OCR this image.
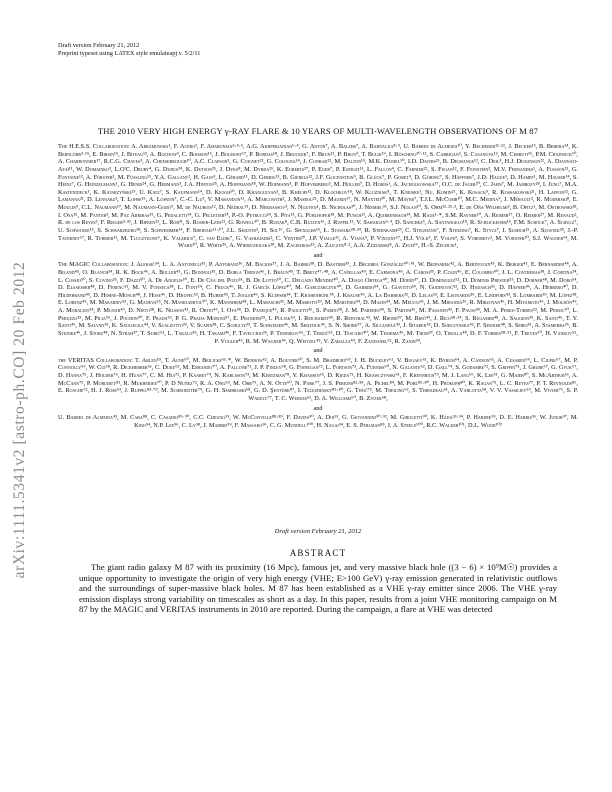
arXiv:1111.5341v2 [astro-ph.CO] 20 Feb 2012
Draft version February 21, 2012
Preprint typeset using LATEX style emulateapj v. 5/2/11
THE 2010 VERY HIGH ENERGY γ-RAY FLARE & 10 YEARS OF MULTI-WAVELENGTH OBSERVATIONS OF M 87

The H.E.S.S. Collaboration: A. Abramowski¹, F. Acero², F. Aharonian³·⁴·⁵, A.G. Akhperjanian⁶·⁴, G. Anton⁷, A. Balzer⁷, A. Barnacka⁸·⁹, U. Barres de Almeida¹⁰, Y. Becherini¹¹·¹², J. Becker¹³, B. Behera¹⁴, K. Bernlöhr³·¹⁵, E. Birsin¹⁵, J. Biteau¹², A. Bochow³, C. Boisson¹⁶, J. Bolmont¹⁷, P. Bordas¹⁸, J. Brucker⁷, F. Brun¹², P. Brun⁹, T. Bulik¹⁹, I. Büsching²⁰·¹³, S. Carrigan³, S. Casanova¹³, M. Cerruti¹⁶, P.M. Chadwick¹⁰, A. Charbonnier¹⁷, R.C.G. Chaves³, A. Cheesebrough¹⁰, A.C. Clapson³, G. Coignet²¹, G. Cologna¹⁴, J. Conrad²², M. Dalton¹⁵, M.K. Daniel¹⁰, I.D. Davids²³, B. Degrange¹², C. Deil³, H.J. Dickinson²², A. Djannati-Ataï¹¹, W. Domainko³, L.O'C. Drury⁴, G. Dubus²⁴, K. Dutson²⁵, J. Dyks⁸, M. Dyrda²⁶, K. Egberts²⁷, P. Eger⁷, P. Espigat¹¹, L. Fallon⁴, C. Farnier²², S. Fegan¹², F. Feinstein², M.V. Fernandes¹, A. Fiasson²¹, G. Fontaine¹², A. Förster³, M. Füßling¹⁵, Y.A. Gallant², H. Gast³, L. Gérard¹¹, D. Gerbig¹³, B. Giebels¹², J.F. Glicenstein⁹, B. Glück⁷, P. Goret⁹, D. Göring⁷, S. Häffner⁷, J.D. Hague³, D. Hampf¹, M. Hauser¹⁴, S. Heinz⁷, G. Heinzelmann¹, G. Henri²⁴, G. Hermann³, J.A. Hinton²⁵, A. Hoffmann¹⁸, W. Hofmann³, P. Hofverberg³, M. Holler⁷, D. Horns¹, A. Jacholkowska¹⁷, O.C. de Jager²⁰, C. Jahn⁷, M. Jamrozy²⁸, I. Jung⁷, M.A. Kastendieck¹, K. Katarzyński²⁹, U. Katz⁷, S. Kaufmann¹⁴, D. Keogh¹⁰, D. Khangulyan³, B. Khélifi¹², D. Klochkov¹⁸, W. Kluźniak⁸, T. Kneiske¹, Nu. Komin²¹, K. Kosack⁹, R. Kossakowski²¹, H. Laffon¹², G. Lamanna²¹, D. Lennarz³, T. Lohse¹⁵, A. Lopatin⁷, C.-C. Lu³, V. Marandon¹¹, A. Marcowith², J. Masbou²¹, D. Maurin¹⁷, N. Maxted³⁰, M. Mayer⁷, T.J.L. McComb¹⁰, M.C. Medina⁹, J. Méhault², R. Moderski⁸, E. Moulin⁹, C.L. Naumann¹⁷, M. Naumann-Godó⁹, M. de Naurois¹², D. Nedbal³¹, D. Nekrassov³, N. Nguyen¹, B. Nicholas³⁰, J. Niemiec²⁶, S.J. Nolan¹⁰, S. Ohm³²·²⁵·³, E. de Oña Wilhelmi³, B. Opitz¹, M. Ostrowski²⁸, I. Oya¹⁵, M. Panter³, M. Paz Arribas¹⁵, G. Pedaletti¹⁴, G. Pelletier²⁴, P.-O. Petrucci²⁴, S. Pita¹¹, G. Pühlhofer¹⁸, M. Punch¹¹, A. Quirrenbach¹⁴, M. Raue¹·*, S.M. Rayner¹⁰, A. Reimer²⁷, O. Reimer²⁷, M. Renaud², R. de los Reyes³, F. Rieger³·³³, J. Ripken²², L. Rob³¹, S. Rosier-Lees²¹, G. Rowell³⁰, B. Rudak⁸, C.B. Rulten¹⁶, J. Ruppel¹³, V. Sahakian⁶·⁴, D. Sanchez³, A. Santangelo¹⁸, R. Schlickeiser¹³, F.M. Schöck⁷, A. Schulz⁷, U. Schwanke¹⁵, S. Schwarzburg¹⁸, S. Schwemmer¹⁴, F. Sheidaei¹¹·²⁰, J.L. Skilton³, H. Sol¹⁶, G. Spengler¹⁵, Ł. Stawarz²⁸·³⁴, R. Steenkamp²³, C. Stegmann⁷, F. Stinzing⁷, K. Stycz⁷, I. Sushch¹⁵, A. Szostek²⁸, J.-P. Tavernet¹⁷, R. Terrier¹¹, M. Tluczykont¹, K. Valerius⁷, C. van Eldik⁷, G. Vasileiadis², C. Venter²⁰, J.P. Vialle²¹, A. Viana⁹, P. Vincent¹⁷, H.J. Völk³, F. Volpe³, S. Vorobiov², M. Vorster²⁰, S.J. Wagner¹⁴, M. Ward¹⁰, R. White²⁵, A. Wierzcholska²⁸, M. Zacharias¹³, A. Zajczyk⁸·², A.A. Zdziarski⁸, A. Zech¹⁶, H.-S. Zechlin¹,

and

The MAGIC Collaboration: J. Aleksić³⁴, L. A. Antonelli³⁵, P. Antoranz³⁶, M. Backes³⁷, J. A. Barrio³⁸, D. Bastieri³⁹, J. Becerra González⁴⁰·⁴¹, W. Bednarek⁴², A. Berdyugin⁴³, K. Berger⁴¹, E. Bernardini⁴⁴, A. Biland⁴⁵, O. Blanch³⁴, R. K. Bock⁴⁶, A. Boller⁴⁵, G. Bonnoli³⁵, D. Borla Tridon⁴⁶, I. Braun⁴⁵, T. Bretz⁴⁷·⁴⁸, A. Cañellas⁴⁹, E. Carmona⁴⁶, A. Carosi³⁵, P. Colin⁴⁶, E. Colombo⁴⁰, J. L. Contreras³⁸, J. Cortina³⁴, L. Cossio⁵⁰, S. Covino³⁵, F. Dazzi⁵⁰, A. De Angelis⁵⁰, E. De Cea del Pozo⁵¹, B. De Lotto⁵⁰, C. Delgado Mendez⁴⁰, A. Diago Ortega⁴⁰, M. Doert³⁷, D. Dominguez⁵², D. Dominis Prester⁵³, D. Dorner⁴⁸, M. Doro⁵⁴, D. Elsaesser⁴⁸, D. Ferenc⁵³, M. V. Fonseca³⁸, L. Font⁵⁴, C. Fruck⁴⁶, R. J. García López⁴⁰, M. Garczarczyk⁴⁰, D. Garrido⁵⁴, G. Giavitto³⁴, N. Godinović⁵³, D. Hadasch⁵¹, D. Häfner⁴⁶, A. Herrero⁴⁰, D. Hildebrand⁴⁵, D. Höhne-Mönch⁴⁸, J. Hose⁴⁶, D. Hrupec⁵³, B. Huber⁴⁵, T. Jogler⁴⁶, S. Klepser³⁴, T. Krähenbühl⁴⁵, J. Krause⁴⁶, A. La Barbera³⁵, D. Lelas⁵³, E. Leonardo³⁶, E. Lindfors⁴³, S. Lombardi³⁹, M. López³⁸, E. Lorenz⁴⁵, M. Makariev⁵⁵, G. Maneva⁵⁵, N. Mankuzhiyil⁵⁰, K. Mannheim⁴⁸, L. Maraschi³⁵, M. Mariotti³⁹, M. Martínez³⁴, D. Mazin³⁴, M. Meucci³⁶, J. M. Miranda³⁶, R. Mirzoyan⁴⁶, H. Miyamoto⁴⁶, J. Moldón⁴⁹, A. Moralejo³⁴, P. Munar⁴⁹, D. Nieto³⁸, K. Nilsson⁴³, R. Orito⁴⁶, I. Oya³⁸, D. Paneque⁴⁶, R. Paoletti³⁶, S. Pardo³⁸, J. M. Paredes⁴⁹, S. Partini³⁶, M. Pasanen⁴³, F. Pauss⁴⁵, M. A. Perez-Torres⁵², M. Persic⁵⁰, L. Peruzzo³⁹, M. Pilia⁵⁶, J. Pochon⁴⁰, F. Prada⁵², P. G. Prada Moroni⁵⁷, E. Prandini³⁹, I. Puljak⁵³, I. Reichardt³⁴, R. Reinthal⁴³, W. Rhode³⁷, M. Ribó⁴⁹, J. Rico⁵⁸·³⁴, S. Rügamer⁴⁸, A. Saggion³⁹, K. Saito⁴⁶, T. Y. Saito⁴⁶, M. Salvati³⁵, K. Satalecka⁴⁴, V. Scalzotto³⁹, V. Scapin³⁸, C. Schultz³⁹, T. Schweizer⁴⁶, M. Shayduk⁴⁶, S. N. Shore⁵⁷, A. Sillanpää⁴³, J. Sitarek⁴², D. Sobczynska⁴², F. Spanier⁴⁸, S. Spiro³⁵, A. Stamerra³⁶, B. Steinke⁴⁶, J. Storz⁴⁸, N. Strah³⁷, T. Surić⁵³, L. Takalo⁴³, H. Takami⁴⁶, F. Tavecchio³⁵, P. Temnikov⁵⁵, T. Terzić⁵³, D. Tescaro⁴⁰, M. Teshima⁴⁶, M. Thom³⁷, O. Tibolla⁴⁸, D. F. Torres⁵⁸·⁵¹, F. Treves⁵⁰, H. Vankov⁵⁵, P. Vogler⁴⁵, R. M. Wagner⁴⁶, Q. Weitzel⁴⁵, V. Zabalza⁴⁹, F. Zandanel⁵², R. Zanin³⁴,

and

the VERITAS Collaboration: T. Arlen⁵⁹, T. Aune⁶⁰, M. Beilicke⁶¹·*, W. Benbow⁶², A. Bouvier⁶⁰, S. M. Bradbury⁶³, J. H. Buckley⁶¹, V. Bugaev⁶¹, K. Byrum⁶⁴, A. Cannon⁶⁵, A. Cesarini⁶⁶, L. Ciupik⁶⁷, M. P. Connolly⁶⁶, W. Cui⁶⁸, R. Dickherber⁶¹, C. Duke⁶⁹, M. Errando⁷⁰, A. Falcone⁷¹, J. P. Finley⁶⁸, G. Finnegan⁷², L. Fortson⁷³, A. Furniss⁶⁰, N. Galante⁶², D. Gall⁷⁴, S. Godambe⁷², S. Griffin⁷⁵, J. Grube⁶⁷, G. Gyuk⁶⁷, D. Hanna⁷⁵, J. Holder⁷⁶, H. Huan⁷⁷, C. M. Hui⁷², P. Kaaret⁷⁴, N. Karlsson⁷³, M. Kertzman⁷⁸, Y. Khassen⁶⁵, D. Kieda⁷², H. Krawczynski⁶¹, F. Krennrich⁷⁹, M. J. Lang⁶⁶, K. Lee⁶¹, G. Maier⁸⁰, S. McArthur⁶¹, A. McCann⁷⁵, P. Moriarty⁸¹, R. Mukherjee⁷⁰, P. D Nuñez⁷², R. A. Ong⁵⁹, M. Orr⁷⁹, A. N. Otte⁶⁰, N. Park⁷⁷, J. S. Perkins⁸²·⁸³, A. Pichel⁸⁴, M. Pohl⁸⁵·⁸⁰, H. Prokoph⁸⁰, K. Ragan⁷⁵, L. C. Reyes⁷⁷, P. T. Reynolds⁸⁶, E. Roache⁶², H. J. Rose⁶³, J. Ruppel⁸³·⁷⁹, M. Schroedter⁷⁹, G. H. Sembroski⁶⁸, G. D. Şentürk⁸⁷, I. Telezhinsky⁸⁵·⁸⁰, G. Tešić⁷⁵, M. Theiling⁶², S. Thibadeau⁶¹, A. Varlotta⁶⁸, V. V. Vassiliev⁵⁹, M. Vivier⁷⁶, S. P. Wakely⁷⁷, T. C. Weekes⁶², D. A. Williams⁶⁰, B. Zitzer⁶⁸,

and

U. Barres de Almeida⁴³, M. Cara⁸⁸, C. Casadio⁸⁹·⁹⁰, C.C. Cheung⁹¹, W. McConville⁸⁸·⁸⁹, F. Davies⁹⁰, A. Doi⁹¹, G. Giovannini⁹⁰·⁹², M. Giroletti⁹⁰, K. Hada⁹³·⁹⁴, P. Hardee⁹⁵, D. E. Harris⁹⁶, W. Junor⁹⁷, M. Kino⁹⁴, N.P. Lee⁹⁶, C. Ly⁹⁸, J. Madrid⁹⁹, F. Massaro⁹⁶, C. G. Mundell¹⁰⁰, H. Nagai⁹⁴, E. S. Perlman⁸⁵, I. A. Steele¹⁰⁰, R.C. Walker¹⁰¹, D.L. Wood¹⁰²

Draft version February 21, 2012
ABSTRACT

The giant radio galaxy M 87 with its proximity (16 Mpc), famous jet, and very massive black hole ((3 − 6) × 10⁹M☉) provides a unique opportunity to investigate the origin of very high energy (VHE; E>100 GeV) γ-ray emission generated in relativistic outflows and the surroundings of super-massive black holes. M 87 has been established as a VHE γ-ray emitter since 2006. The VHE γ-ray emission displays strong variability on timescales as short as a day. In this paper, results from a joint VHE monitoring campaign on M 87 by the MAGIC and VERITAS instruments in 2010 are reported. During the campaign, a flare at VHE was detected
